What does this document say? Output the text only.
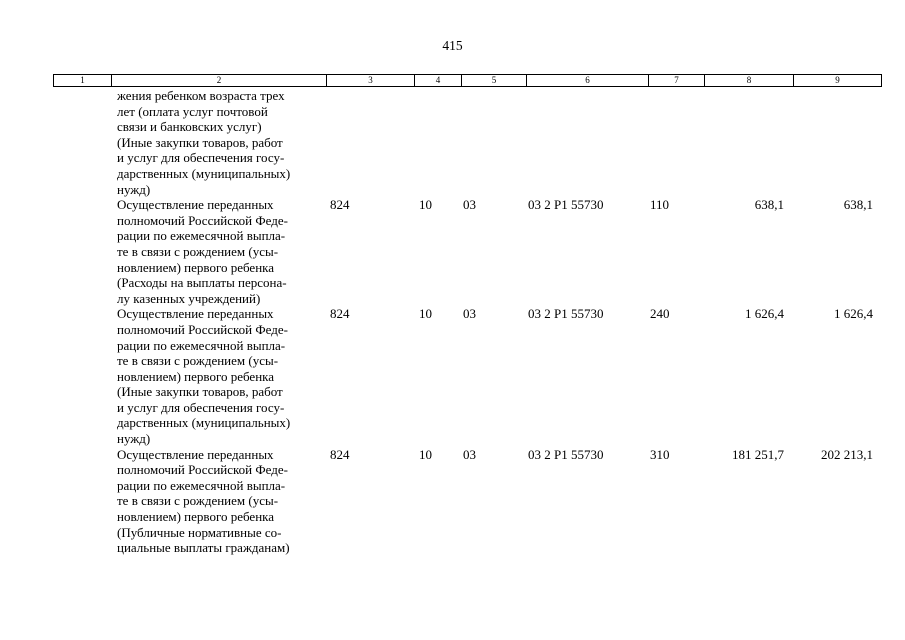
415
1	2	3	4	5	6	7	8	9
жения ребенком возраста трех
лет (оплата услуг почтовой
связи и банковских услуг)
(Иные закупки товаров, работ
и услуг для обеспечения госу-
дарственных (муниципальных)
нужд)
Осуществление переданных
полномочий Российской Феде-
рации по ежемесячной выпла-
те в связи с рождением (усы-
новлением) первого ребенка
(Расходы на выплаты персона-
лу казенных учреждений)
824	10 03	03 2 P1 55730	110	638,1	638,1
Осуществление переданных
полномочий Российской Феде-
рации по ежемесячной выпла-
те в связи с рождением (усы-
новлением) первого ребенка
(Иные закупки товаров, работ
и услуг для обеспечения госу-
дарственных (муниципальных)
нужд)
824	10 03	03 2 P1 55730	240	1 626,4	1 626,4
Осуществление переданных
полномочий Российской Феде-
рации по ежемесячной выпла-
те в связи с рождением (усы-
новлением) первого ребенка
(Публичные нормативные со-
циальные выплаты гражданам)
824	10 03	03 2 P1 55730	310	181 251,7	202 213,1
